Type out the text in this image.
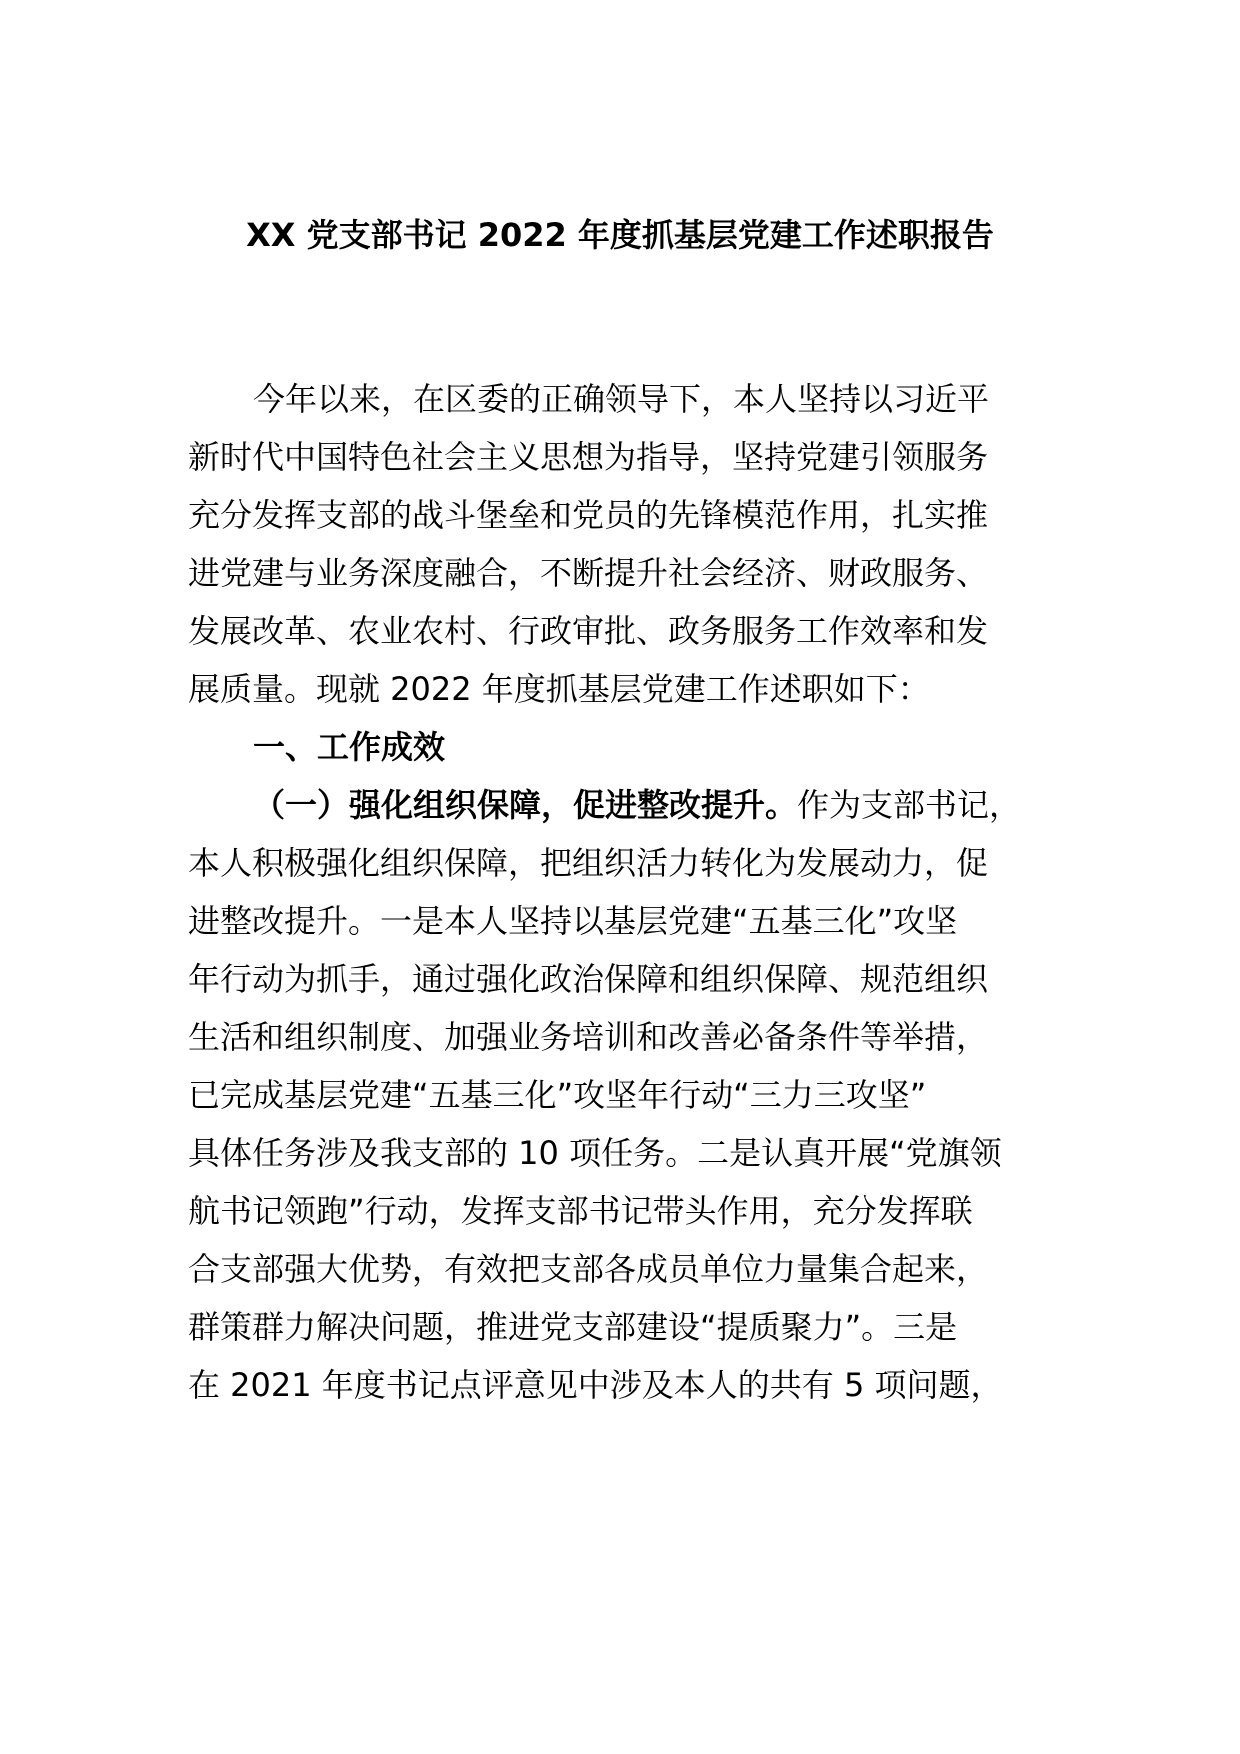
XX 党支部书记 2022 年度抓基层党建工作述职报告
今年以来，在区委的正确领导下，本人坚持以习近平
新时代中国特色社会主义思想为指导，坚持党建引领服务
充分发挥支部的战斗堡垒和党员的先锋模范作用，扎实推
进党建与业务深度融合，不断提升社会经济、财政服务、
发展改革、农业农村、行政审批、政务服务工作效率和发
展质量。现就 2022 年度抓基层党建工作述职如下：
一、工作成效
（一）强化组织保障，促进整改提升。作为支部书记，
本人积极强化组织保障，把组织活力转化为发展动力，促
进整改提升。一是本人坚持以基层党建“五基三化”攻坚
年行动为抓手，通过强化政治保障和组织保障、规范组织
生活和组织制度、加强业务培训和改善必备条件等举措，
已完成基层党建“五基三化”攻坚年行动“三力三攻坚”
具体任务涉及我支部的 10 项任务。二是认真开展“党旗领
航书记领跑”行动，发挥支部书记带头作用，充分发挥联
合支部强大优势，有效把支部各成员单位力量集合起来，
群策群力解决问题，推进党支部建设“提质聚力”。三是
在 2021 年度书记点评意见中涉及本人的共有 5 项问题，
